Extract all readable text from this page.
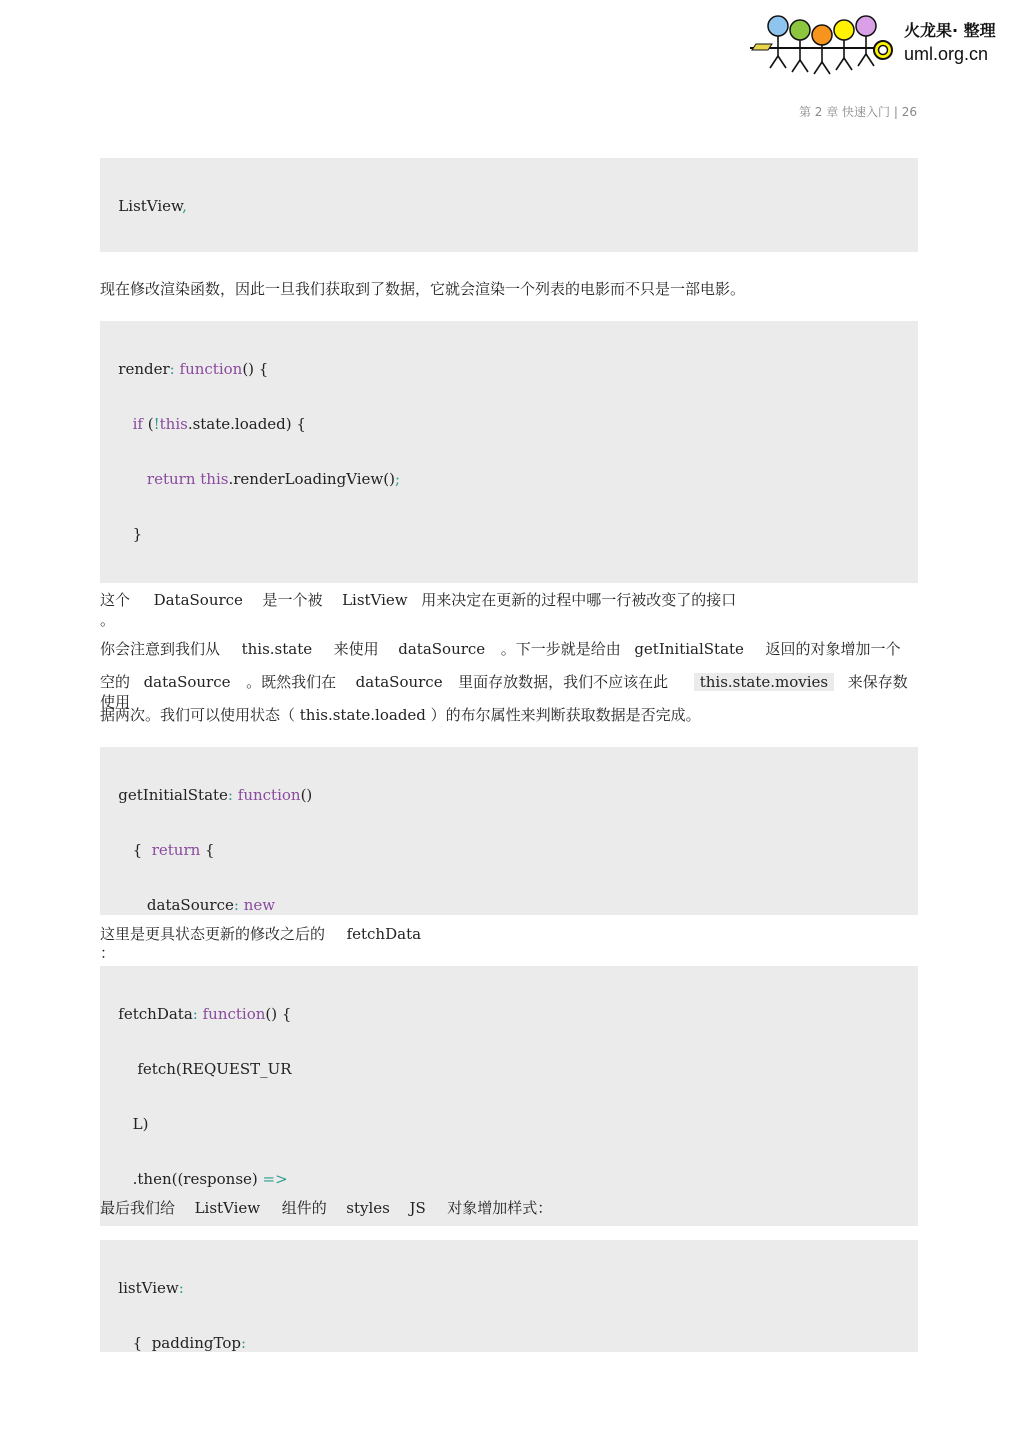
火龙果· 整理
uml.org.cn
第 2 章 快速入门 | 26

ListView,

现在修改渲染函数，因此一旦我们获取到了数据，它就会渲染一个列表的电影而不只是一部电影。

render: function() {

if (!this.state.loaded) {

return this.renderLoadingView();

}

这个 DataSource 是一个被 ListView 用来决定在更新的过程中哪一行被改变了的接口
。
你会注意到我们从 this.state 来使用 dataSource 。下一步就是给由 getInitialState 返回的对象增加一个
空的 dataSource 。既然我们在 dataSource 里面存放数据，我们不应该在此 this.state.movies 来保存数
使用
据两次。我们可以使用状态（ this.state.loaded ）的布尔属性来判断获取数据是否完成。

getInitialState: function()

{  return {

dataSource: new

这里是更具状态更新的修改之后的 fetchData
：

fetchData: function() {

fetch(REQUEST_UR

L)

.then((response) =>

最后我们给 ListView 组件的 styles JS 对象增加样式：

listView:

{  paddingTop:
